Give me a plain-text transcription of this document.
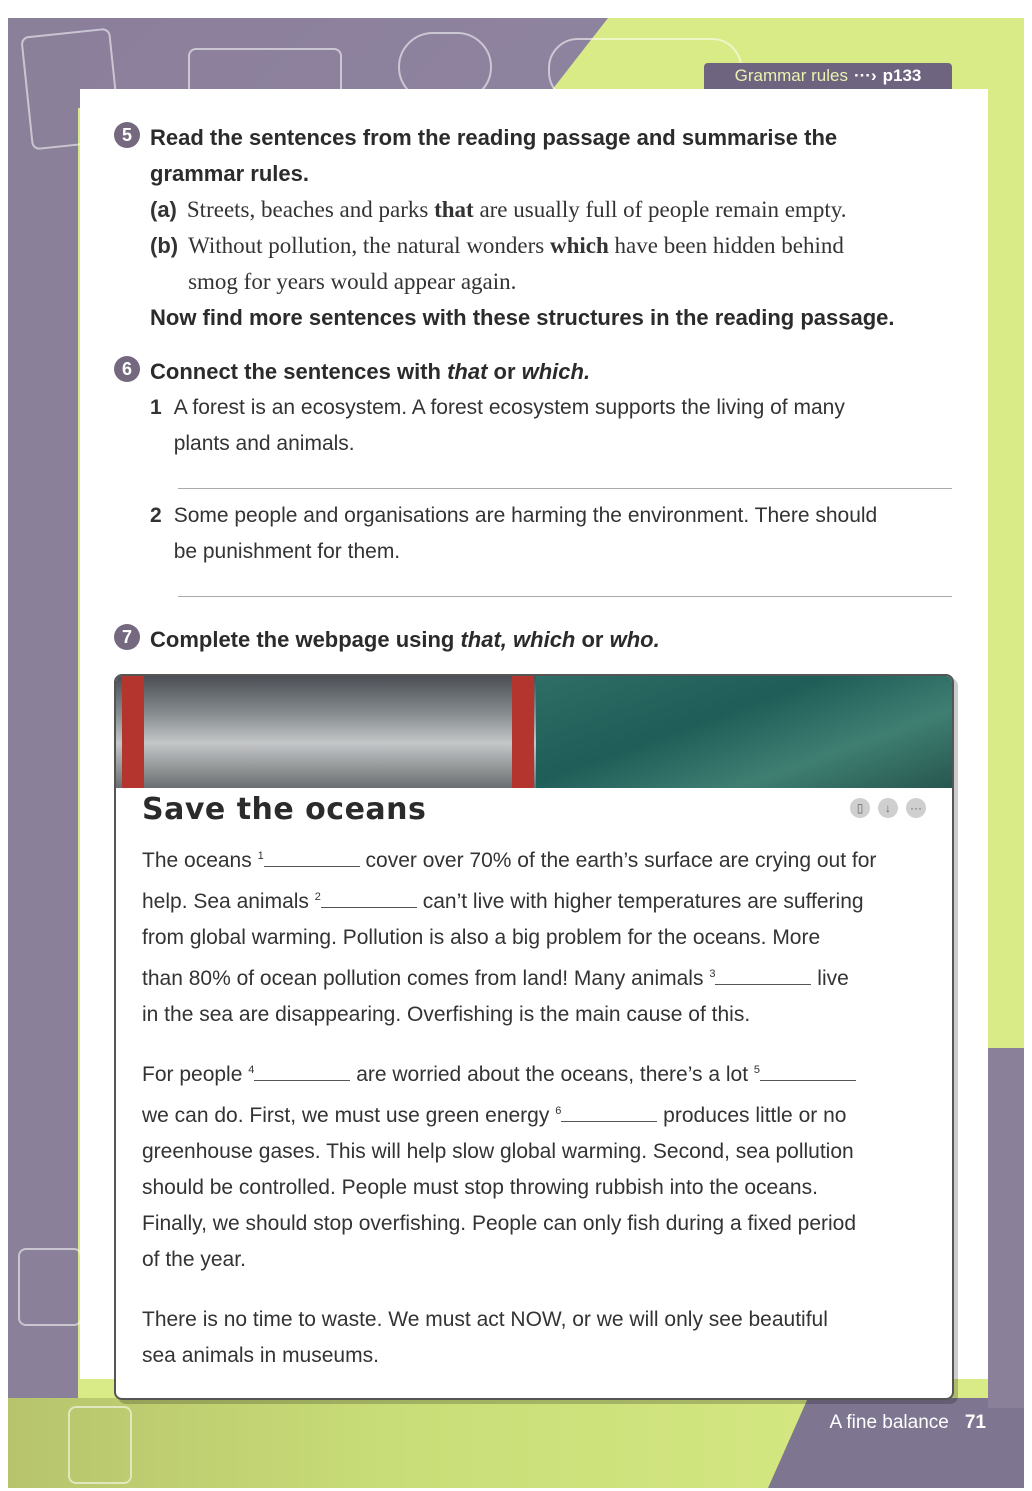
Grammar rules ···› p133
5 Read the sentences from the reading passage and summarise the
grammar rules.
(a) Streets, beaches and parks that are usually full of people remain empty.
(b) Without pollution, the natural wonders which have been hidden behind
smog for years would appear again.
Now find more sentences with these structures in the reading passage.
6 Connect the sentences with that or which.
1 A forest is an ecosystem. A forest ecosystem supports the living of many
plants and animals.
2 Some people and organisations are harming the environment. There should
be punishment for them.
7 Complete the webpage using that, which or who.
Save the oceans	▯	↓	···
The oceans $^1$	cover over 70% of the earth’s surface are crying out for
help. Sea animals $^2$	can’t live with higher temperatures are suffering
from global warming. Pollution is also a big problem for the oceans. More
than 80% of ocean pollution comes from land! Many animals $^3$	live
in the sea are disappearing. Overfishing is the main cause of this.
For people $^4$	are worried about the oceans, there’s a lot $^5$
we can do. First, we must use green energy $^6$	produces little or no
greenhouse gases. This will help slow global warming. Second, sea pollution
should be controlled. People must stop throwing rubbish into the oceans.
Finally, we should stop overfishing. People can only fish during a fixed period
of the year.
There is no time to waste. We must act NOW, or we will only see beautiful
sea animals in museums.
A fine balance 71
